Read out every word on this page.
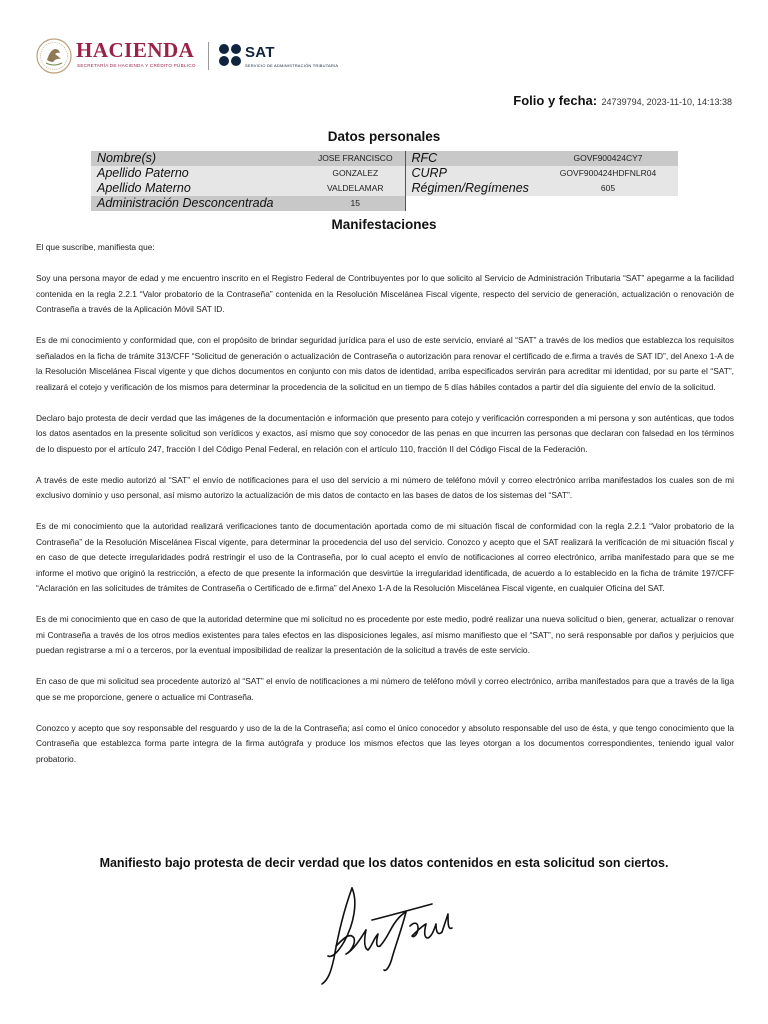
HACIENDA
SECRETARÍA DE HACIENDA Y CRÉDITO PÚBLICO
SAT
SERVICIO DE ADMINISTRACIÓN TRIBUTARIA
Folio y fecha: 24739794, 2023-11-10, 14:13:38
Datos personales
Nombre(s)	JOSE FRANCISCO	RFC	GOVF900424CY7
Apellido Paterno	GONZALEZ	CURP	GOVF900424HDFNLR04
Apellido Materno	VALDELAMAR	Régimen/Regímenes	605
Administración Desconcentrada	15		
Manifestaciones

El que suscribe, manifiesta que:

Soy una persona mayor de edad y me encuentro inscrito en el Registro Federal de Contribuyentes por lo que solicito al Servicio de Administración Tributaria “SAT” apegarme a la facilidad contenida en la regla 2.2.1 “Valor probatorio de la Contraseña” contenida en la Resolución Miscelánea Fiscal vigente, respecto del servicio de generación, actualización o renovación de Contraseña a través de la Aplicación Móvil SAT ID.

Es de mi conocimiento y conformidad que, con el propósito de brindar seguridad jurídica para el uso de este servicio, enviaré al “SAT” a través de los medios que establezca los requisitos señalados en la ficha de trámite 313/CFF “Solicitud de generación o actualización de Contraseña o autorización para renovar el certificado de e.firma a través de SAT ID”, del Anexo 1-A de la Resolución Miscelánea Fiscal vigente y que dichos documentos en conjunto con mis datos de identidad, arriba especificados servirán para acreditar mi identidad, por su parte el “SAT”, realizará el cotejo y verificación de los mismos para determinar la procedencia de la solicitud en un tiempo de 5 días hábiles contados a partir del día siguiente del envío de la solicitud.

Declaro bajo protesta de decir verdad que las imágenes de la documentación e información que presento para cotejo y verificación corresponden a mi persona y son auténticas, que todos los datos asentados en la presente solicitud son verídicos y exactos, así mismo que soy conocedor de las penas en que incurren las personas que declaran con falsedad en los términos de lo dispuesto por el artículo 247, fracción I del Código Penal Federal, en relación con el artículo 110, fracción II del Código Fiscal de la Federación.

A través de este medio autorizó al “SAT” el envío de notificaciones para el uso del servicio a mi número de teléfono móvil y correo electrónico arriba manifestados los cuales son de mi exclusivo dominio y uso personal, así mismo autorizo la actualización de mis datos de contacto en las bases de datos de los sistemas del “SAT”.

Es de mi conocimiento que la autoridad realizará verificaciones tanto de documentación aportada como de mi situación fiscal de conformidad con la regla 2.2.1 “Valor probatorio de la Contraseña” de la Resolución Miscelánea Fiscal vigente, para determinar la procedencia del uso del servicio. Conozco y acepto que el SAT realizará la verificación de mi situación fiscal y en caso de que detecte irregularidades podrá restringir el uso de la Contraseña, por lo cual acepto el envío de notificaciones al correo electrónico, arriba manifestado para que se me informe el motivo que originó la restricción, a efecto de que presente la información que desvirtúe la irregularidad identificada, de acuerdo a lo establecido en la ficha de trámite 197/CFF “Aclaración en las solicitudes de trámites de Contraseña o Certificado de e.firma” del Anexo 1-A de la Resolución Miscelánea Fiscal vigente, en cualquier Oficina del SAT.

Es de mi conocimiento que en caso de que la autoridad determine que mi solicitud no es procedente por este medio, podré realizar una nueva solicitud o bien, generar, actualizar o renovar mi Contraseña a través de los otros medios existentes para tales efectos en las disposiciones legales, así mismo manifiesto que el “SAT”, no será responsable por daños y perjuicios que puedan registrarse a mí o a terceros, por la eventual imposibilidad de realizar la presentación de la solicitud a través de este servicio.

En caso de que mi solicitud sea procedente autorizó al “SAT” el envío de notificaciones a mi número de teléfono móvil y correo electrónico, arriba manifestados para que a través de la liga que se me proporcione, genere o actualice mi Contraseña.

Conozco y acepto que soy responsable del resguardo y uso de la de la Contraseña; así como el único conocedor y absoluto responsable del uso de ésta, y que tengo conocimiento que la Contraseña que establezca forma parte integra de la firma autógrafa y produce los mismos efectos que las leyes otorgan a los documentos correspondientes, teniendo igual valor probatorio.

Manifiesto bajo protesta de decir verdad que los datos contenidos en esta solicitud son ciertos.
